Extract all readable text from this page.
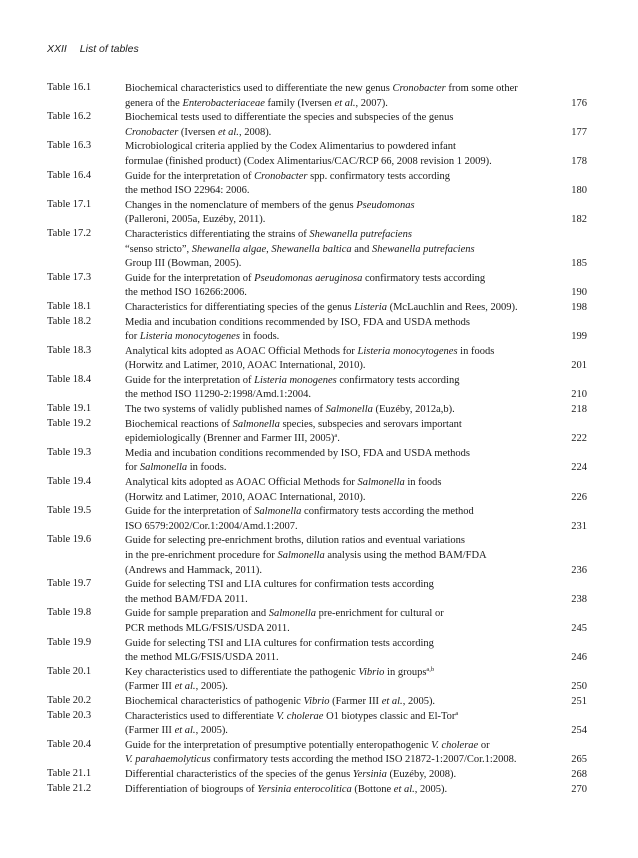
XXII List of tables
Table 16.1	Biochemical characteristics used to differentiate the new genus Cronobacter from some other
genera of the Enterobacteriaceae family (Iversen et al., 2007).	176
Table 16.2	Biochemical tests used to differentiate the species and subspecies of the genus
Cronobacter (Iversen et al., 2008).	177
Table 16.3	Microbiological criteria applied by the Codex Alimentarius to powdered infant
formulae (finished product) (Codex Alimentarius/CAC/RCP 66, 2008 revision 1 2009).	178
Table 16.4	Guide for the interpretation of Cronobacter spp. confirmatory tests according
the method ISO 22964: 2006.	180
Table 17.1	Changes in the nomenclature of members of the genus Pseudomonas
(Palleroni, 2005a, Euzéby, 2011).	182
Table 17.2	Characteristics differentiating the strains of Shewanella putrefaciens
“senso stricto”, Shewanella algae, Shewanella baltica and Shewanella putrefaciens
Group III (Bowman, 2005).	185
Table 17.3	Guide for the interpretation of Pseudomonas aeruginosa confirmatory tests according
the method ISO 16266:2006.	190
Table 18.1	Characteristics for differentiating species of the genus Listeria (McLauchlin and Rees, 2009).	198
Table 18.2	Media and incubation conditions recommended by ISO, FDA and USDA methods
for Listeria monocytogenes in foods.	199
Table 18.3	Analytical kits adopted as AOAC Official Methods for Listeria monocytogenes in foods
(Horwitz and Latimer, 2010, AOAC International, 2010).	201
Table 18.4	Guide for the interpretation of Listeria monogenes confirmatory tests according
the method ISO 11290-2:1998/Amd.1:2004.	210
Table 19.1	The two systems of validly published names of Salmonella (Euzéby, 2012a,b).	218
Table 19.2	Biochemical reactions of Salmonella species, subspecies and serovars important
epidemiologically (Brenner and Farmer III, 2005)$^a$.	222
Table 19.3	Media and incubation conditions recommended by ISO, FDA and USDA methods
for Salmonella in foods.	224
Table 19.4	Analytical kits adopted as AOAC Official Methods for Salmonella in foods
(Horwitz and Latimer, 2010, AOAC International, 2010).	226
Table 19.5	Guide for the interpretation of Salmonella confirmatory tests according the method
ISO 6579:2002/Cor.1:2004/Amd.1:2007.	231
Table 19.6	Guide for selecting pre-enrichment broths, dilution ratios and eventual variations
in the pre-enrichment procedure for Salmonella analysis using the method BAM/FDA
(Andrews and Hammack, 2011).	236
Table 19.7	Guide for selecting TSI and LIA cultures for confirmation tests according
the method BAM/FDA 2011.	238
Table 19.8	Guide for sample preparation and Salmonella pre-enrichment for cultural or
PCR methods MLG/FSIS/USDA 2011.	245
Table 19.9	Guide for selecting TSI and LIA cultures for confirmation tests according
the method MLG/FSIS/USDA 2011.	246
Table 20.1	Key characteristics used to differentiate the pathogenic Vibrio in groups$^{a,b}$
(Farmer III et al., 2005).	250
Table 20.2	Biochemical characteristics of pathogenic Vibrio (Farmer III et al., 2005).	251
Table 20.3	Characteristics used to differentiate V. cholerae O1 biotypes classic and El-Tor$^a$
(Farmer III et al., 2005).	254
Table 20.4	Guide for the interpretation of presumptive potentially enteropathogenic V. cholerae or
V. parahaemolyticus confirmatory tests according the method ISO 21872-1:2007/Cor.1:2008.	265
Table 21.1	Differential characteristics of the species of the genus Yersinia (Euzéby, 2008).	268
Table 21.2	Differentiation of biogroups of Yersinia enterocolitica (Bottone et al., 2005).	270
